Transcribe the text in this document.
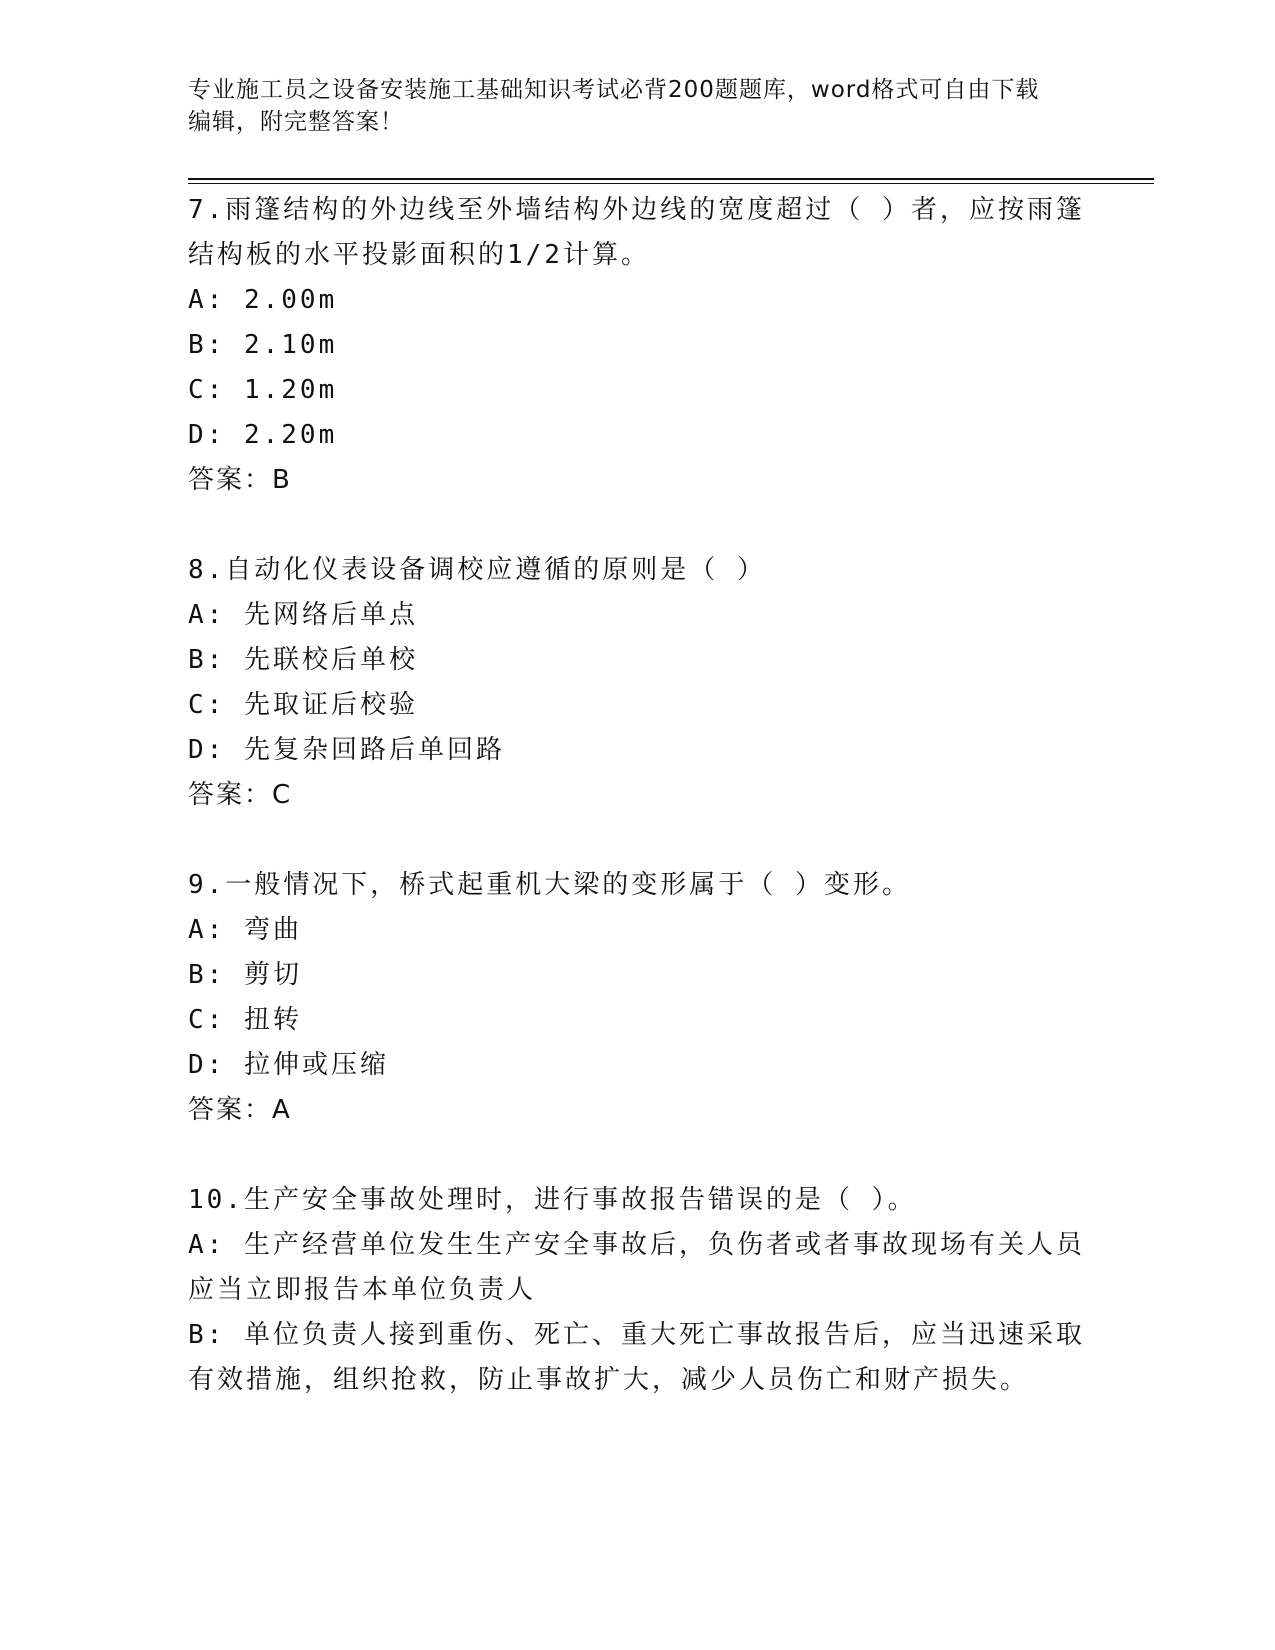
专业施工员之设备安装施工基础知识考试必背200题题库，word格式可自由下载
编辑，附完整答案！
7.雨篷结构的外边线至外墙结构外边线的宽度超过（ ）者，应按雨篷结构板的水平投影面积的1/2计算。
A: 2.00m
B: 2.10m
C: 1.20m
D: 2.20m
答案：B
8.自动化仪表设备调校应遵循的原则是（ ）
A: 先网络后单点
B: 先联校后单校
C: 先取证后校验
D: 先复杂回路后单回路
答案：C
9.一般情况下，桥式起重机大梁的变形属于（ ）变形。
A: 弯曲
B: 剪切
C: 扭转
D: 拉伸或压缩
答案：A
10.生产安全事故处理时，进行事故报告错误的是（ ）。
A: 生产经营单位发生生产安全事故后，负伤者或者事故现场有关人员应当立即报告本单位负责人
B: 单位负责人接到重伤、死亡、重大死亡事故报告后，应当迅速采取有效措施，组织抢救，防止事故扩大，减少人员伤亡和财产损失。
